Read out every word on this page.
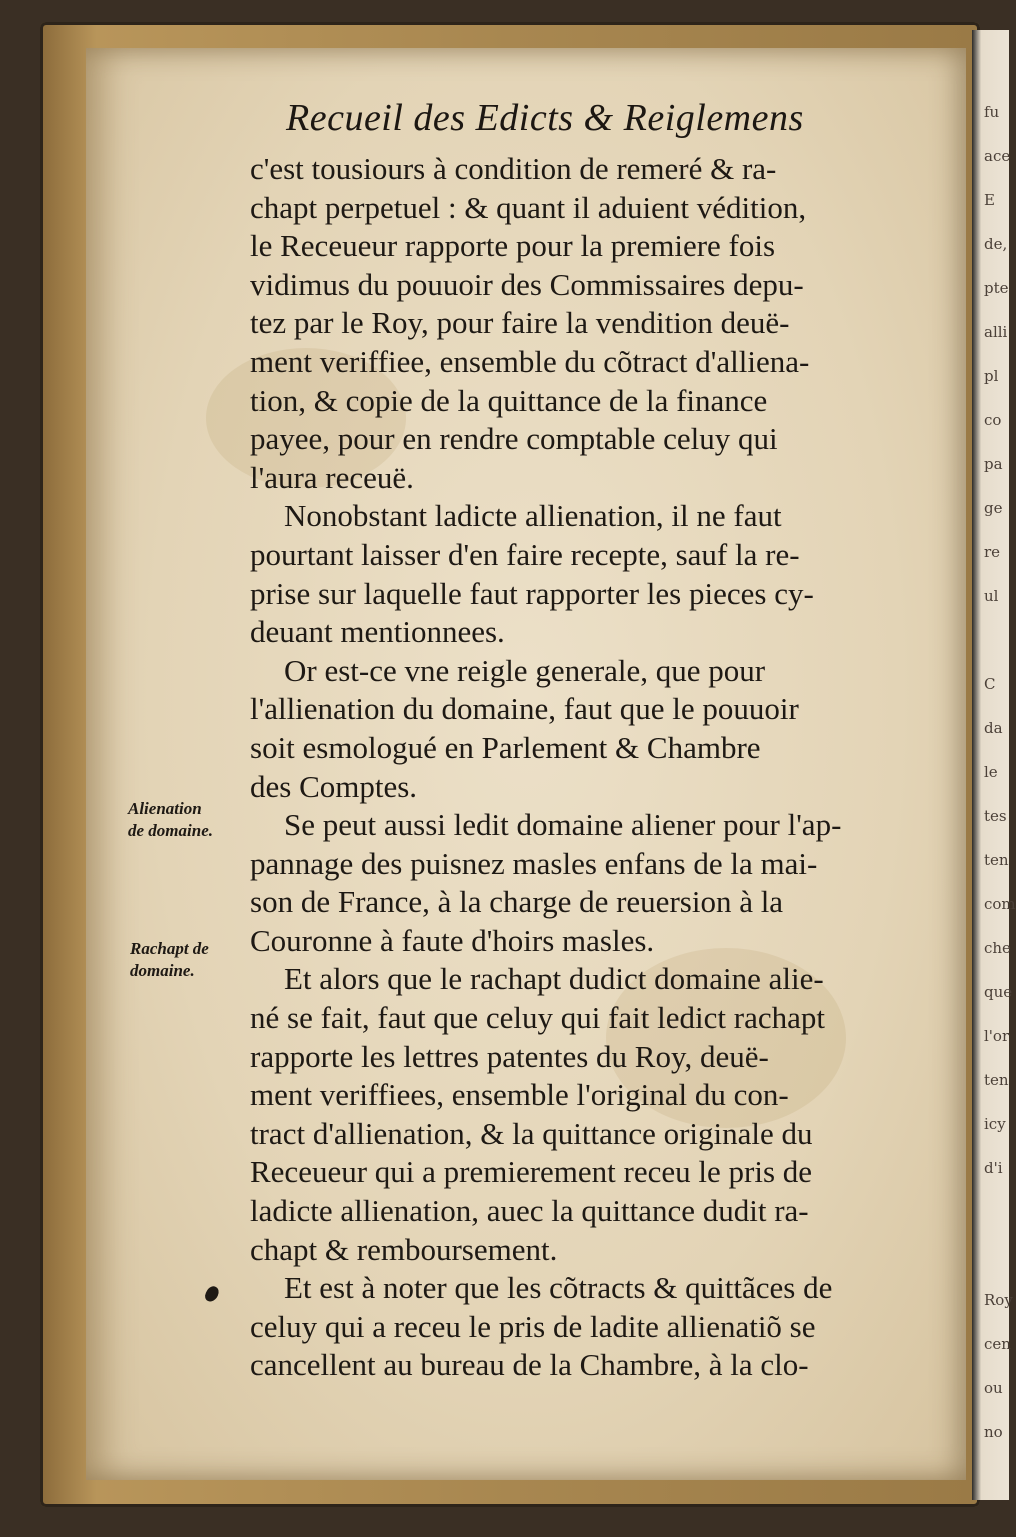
fu
ace
E
de,
pte
alli
pl
co
pa
ge
re
ul
C
da
le
tes
ten
com
che
que
l'or
ten
icy
d'i
Roy
cen
ou
no
Recueil des Edicts & Reiglemens
c'est tousiours à condition de remeré & ra-
chapt perpetuel : & quant il aduient védition,
le Receueur rapporte pour la premiere fois
vidimus du pouuoir des Commissaires depu-
tez par le Roy, pour faire la vendition deuë-
ment veriffiee, ensemble du cõtract d'alliena-
tion, & copie de la quittance de la finance
payee, pour en rendre comptable celuy qui
l'aura receuë.
Nonobstant ladicte allienation, il ne faut
pourtant laisser d'en faire recepte, sauf la re-
prise sur laquelle faut rapporter les pieces cy-
deuant mentionnees.
Or est-ce vne reigle generale, que pour
l'allienation du domaine, faut que le pouuoir
soit esmologué en Parlement & Chambre
des Comptes.
Se peut aussi ledit domaine aliener pour l'ap-
pannage des puisnez masles enfans de la mai-
son de France, à la charge de reuersion à la
Couronne à faute d'hoirs masles.
Et alors que le rachapt dudict domaine alie-
né se fait, faut que celuy qui fait ledict rachapt
rapporte les lettres patentes du Roy, deuë-
ment veriffiees, ensemble l'original du con-
tract d'allienation, & la quittance originale du
Receueur qui a premierement receu le pris de
ladicte allienation, auec la quittance dudit ra-
chapt & remboursement.
Et est à noter que les cõtracts & quittãces de
celuy qui a receu le pris de ladite allienatiõ se
cancellent au bureau de la Chambre, à la clo-
Alienation
de domaine.
Rachapt de
domaine.
